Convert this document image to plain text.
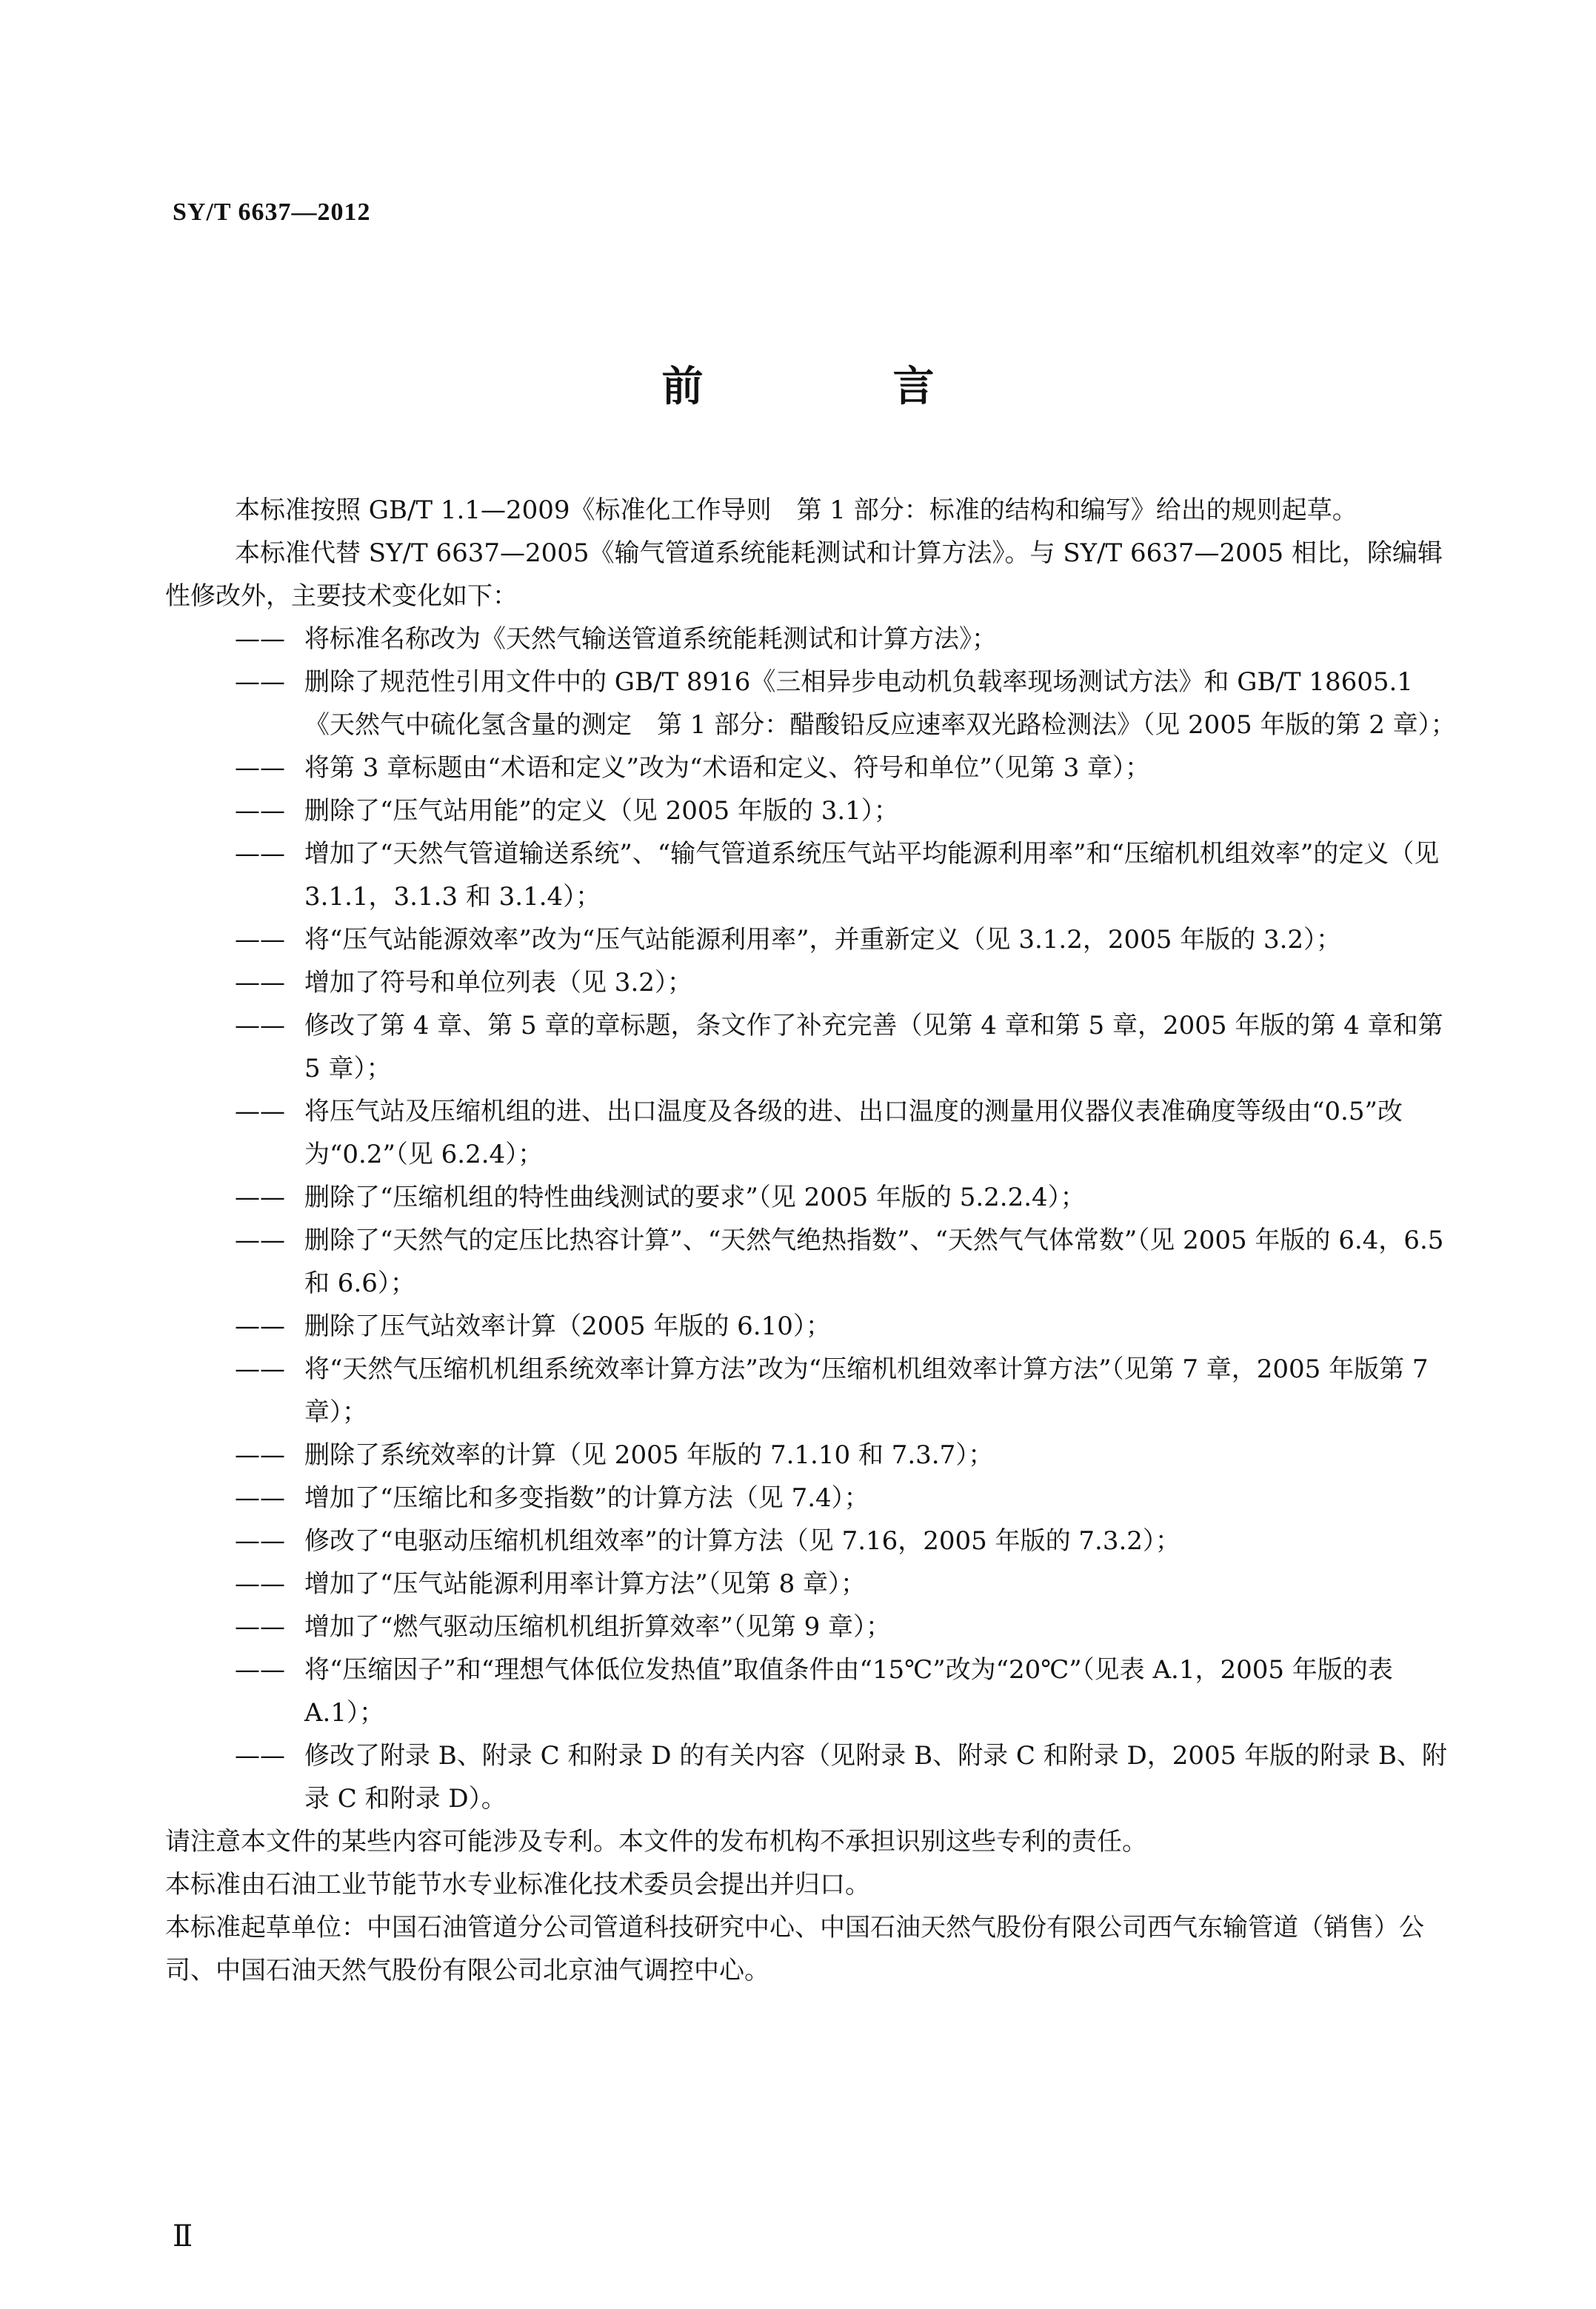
SY/T 6637—2012
前　言

本标准按照 GB/T 1.1—2009《标准化工作导则　第 1 部分：标准的结构和编写》给出的规则起草。

本标准代替 SY/T 6637—2005《输气管道系统能耗测试和计算方法》。与 SY/T 6637—2005 相比，除编辑性修改外，主要技术变化如下：

—— 将标准名称改为《天然气输送管道系统能耗测试和计算方法》；

—— 删除了规范性引用文件中的 GB/T 8916《三相异步电动机负载率现场测试方法》和 GB/T 18605.1《天然气中硫化氢含量的测定　第 1 部分：醋酸铅反应速率双光路检测法》（见 2005 年版的第 2 章）；

—— 将第 3 章标题由“术语和定义”改为“术语和定义、符号和单位”（见第 3 章）；

—— 删除了“压气站用能”的定义（见 2005 年版的 3.1）；

—— 增加了“天然气管道输送系统”、“输气管道系统压气站平均能源利用率”和“压缩机机组效率”的定义（见 3.1.1，3.1.3 和 3.1.4）；

—— 将“压气站能源效率”改为“压气站能源利用率”，并重新定义（见 3.1.2，2005 年版的 3.2）；

—— 增加了符号和单位列表（见 3.2）；

—— 修改了第 4 章、第 5 章的章标题，条文作了补充完善（见第 4 章和第 5 章，2005 年版的第 4 章和第 5 章）；

—— 将压气站及压缩机组的进、出口温度及各级的进、出口温度的测量用仪器仪表准确度等级由“0.5”改为“0.2”（见 6.2.4）；

—— 删除了“压缩机组的特性曲线测试的要求”（见 2005 年版的 5.2.2.4）；

—— 删除了“天然气的定压比热容计算”、“天然气绝热指数”、“天然气气体常数”（见 2005 年版的 6.4，6.5 和 6.6）；

—— 删除了压气站效率计算（2005 年版的 6.10）；

—— 将“天然气压缩机机组系统效率计算方法”改为“压缩机机组效率计算方法”（见第 7 章，2005 年版第 7 章）；

—— 删除了系统效率的计算（见 2005 年版的 7.1.10 和 7.3.7）；

—— 增加了“压缩比和多变指数”的计算方法（见 7.4）；

—— 修改了“电驱动压缩机机组效率”的计算方法（见 7.16，2005 年版的 7.3.2）；

—— 增加了“压气站能源利用率计算方法”（见第 8 章）；

—— 增加了“燃气驱动压缩机机组折算效率”（见第 9 章）；

—— 将“压缩因子”和“理想气体低位发热值”取值条件由“15℃”改为“20℃”（见表 A.1，2005 年版的表 A.1）；

—— 修改了附录 B、附录 C 和附录 D 的有关内容（见附录 B、附录 C 和附录 D，2005 年版的附录 B、附录 C 和附录 D）。

请注意本文件的某些内容可能涉及专利。本文件的发布机构不承担识别这些专利的责任。

本标准由石油工业节能节水专业标准化技术委员会提出并归口。

本标准起草单位：中国石油管道分公司管道科技研究中心、中国石油天然气股份有限公司西气东输管道（销售）公司、中国石油天然气股份有限公司北京油气调控中心。

Ⅱ
